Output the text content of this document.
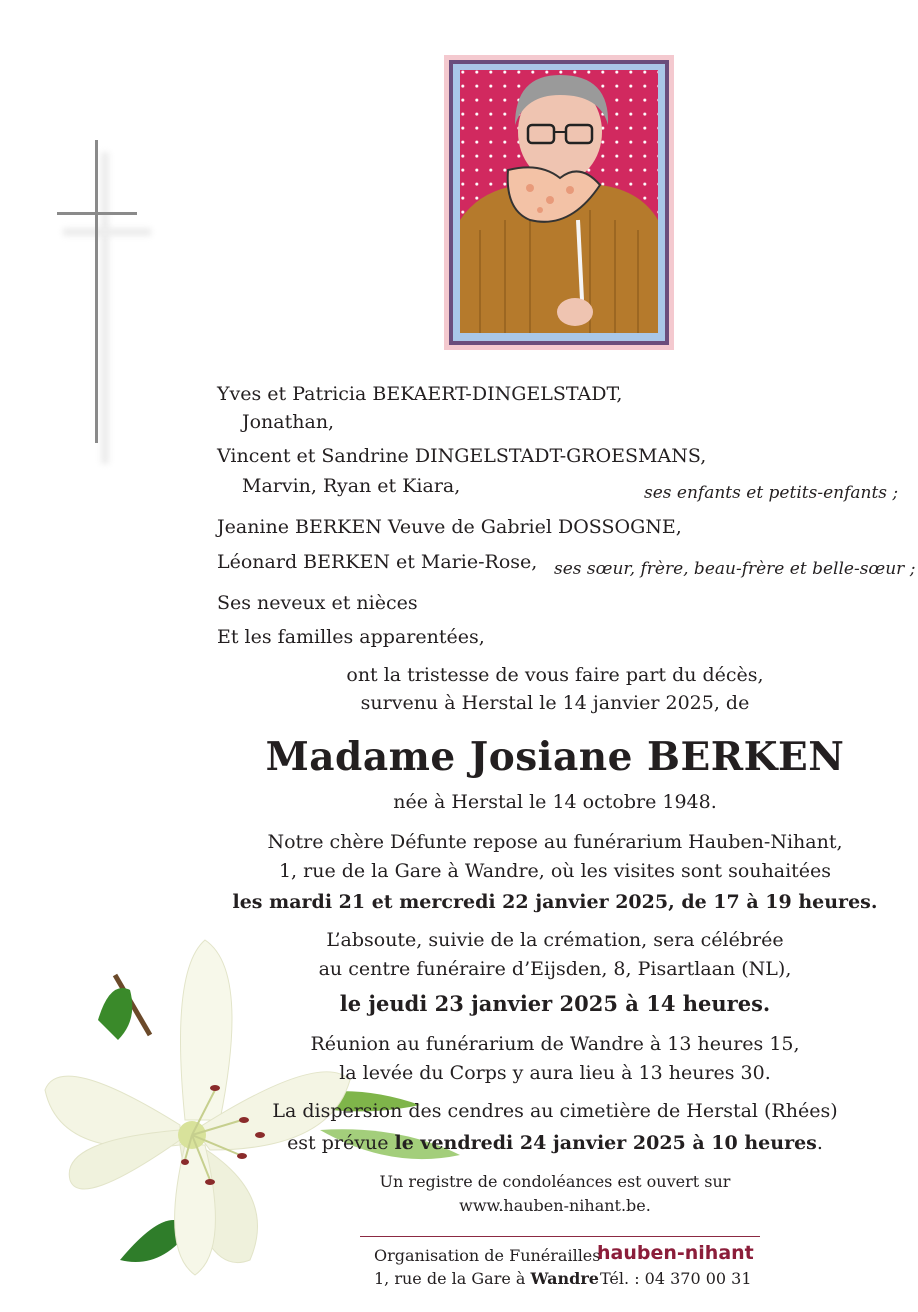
Yves et Patricia BEKAERT-DINGELSTADT,
Jonathan,
Vincent et Sandrine DINGELSTADT-GROESMANS,
Marvin, Ryan et Kiara,	ses enfants et petits-enfants ;
Jeanine BERKEN Veuve de Gabriel DOSSOGNE,
Léonard BERKEN et Marie-Rose, ses sœur, frère, beau-frère et belle-sœur ;
Ses neveux et nièces
Et les familles apparentées,
ont la tristesse de vous faire part du décès,
survenu à Herstal le 14 janvier 2025, de
Madame Josiane BERKEN
née à Herstal le 14 octobre 1948.
Notre chère Défunte repose au funérarium Hauben-Nihant,
1, rue de la Gare à Wandre, où les visites sont souhaitées
les mardi 21 et mercredi 22 janvier 2025, de 17 à 19 heures.
L’absoute, suivie de la crémation, sera célébrée
au centre funéraire d’Eijsden, 8, Pisartlaan (NL),
le jeudi 23 janvier 2025 à 14 heures.
Réunion au funérarium de Wandre à 13 heures 15,
la levée du Corps y aura lieu à 13 heures 30.
La dispersion des cendres au cimetière de Herstal (Rhées)
est prévue le vendredi 24 janvier 2025 à 10 heures.
Un registre de condoléances est ouvert sur
www.hauben-nihant.be.
Organisation de Funérailles
hauben-nihant
1, rue de la Gare à Wandre Tél. : 04 370 00 31
